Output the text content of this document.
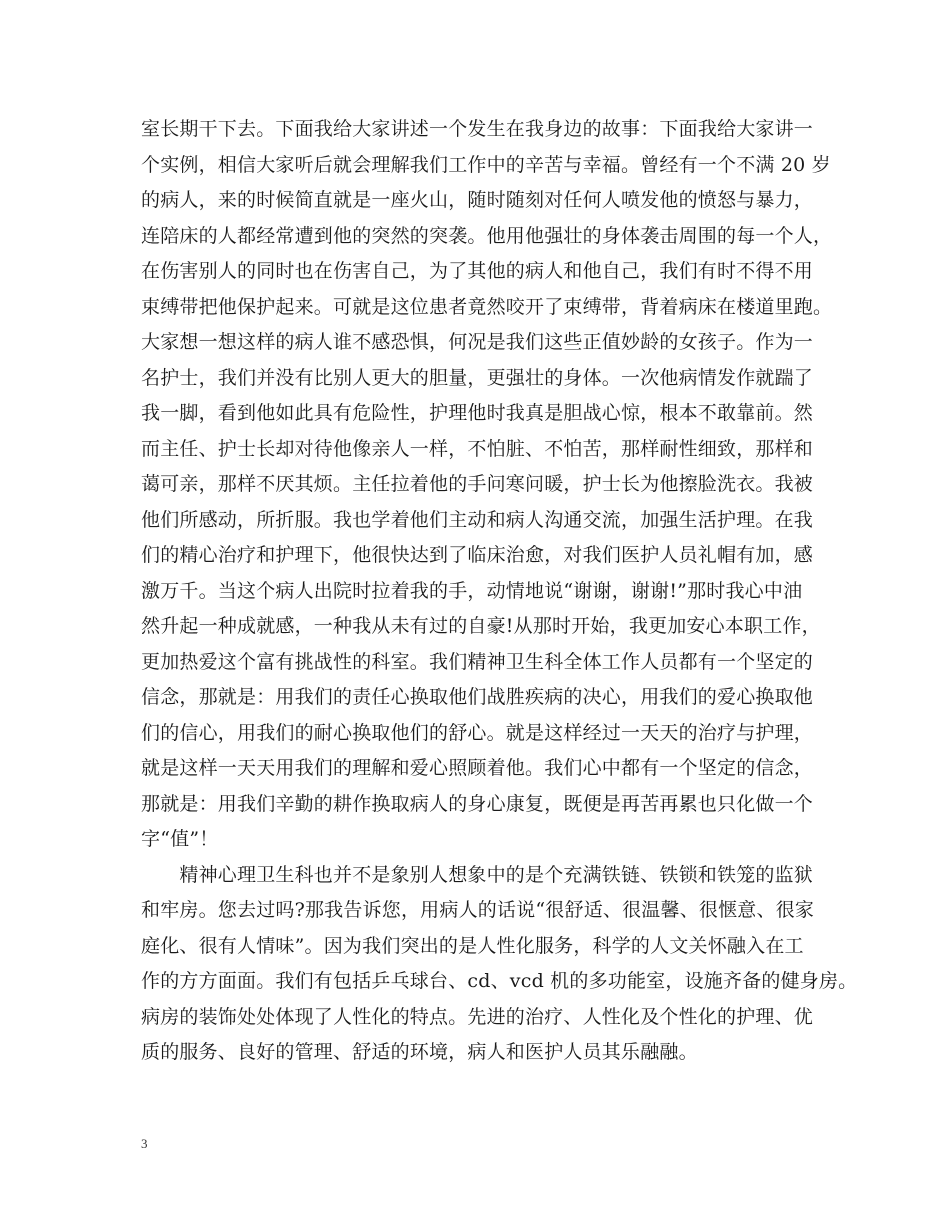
室长期干下去。下面我给大家讲述一个发生在我身边的故事：下面我给大家讲一
个实例，相信大家听后就会理解我们工作中的辛苦与幸福。曾经有一个不满 20 岁
的病人，来的时候简直就是一座火山，随时随刻对任何人喷发他的愤怒与暴力，
连陪床的人都经常遭到他的突然的突袭。他用他强壮的身体袭击周围的每一个人，
在伤害别人的同时也在伤害自己，为了其他的病人和他自己，我们有时不得不用
束缚带把他保护起来。可就是这位患者竟然咬开了束缚带，背着病床在楼道里跑。
大家想一想这样的病人谁不感恐惧，何况是我们这些正值妙龄的女孩子。作为一
名护士，我们并没有比别人更大的胆量，更强壮的身体。一次他病情发作就踹了
我一脚，看到他如此具有危险性，护理他时我真是胆战心惊，根本不敢靠前。然
而主任、护士长却对待他像亲人一样，不怕脏、不怕苦，那样耐性细致，那样和
蔼可亲，那样不厌其烦。主任拉着他的手问寒问暖，护士长为他擦脸洗衣。我被
他们所感动，所折服。我也学着他们主动和病人沟通交流，加强生活护理。在我
们的精心治疗和护理下，他很快达到了临床治愈，对我们医护人员礼帽有加，感
激万千。当这个病人出院时拉着我的手，动情地说“谢谢，谢谢!”那时我心中油
然升起一种成就感，一种我从未有过的自豪!从那时开始，我更加安心本职工作，
更加热爱这个富有挑战性的科室。我们精神卫生科全体工作人员都有一个坚定的
信念，那就是：用我们的责任心换取他们战胜疾病的决心，用我们的爱心换取他
们的信心，用我们的耐心换取他们的舒心。就是这样经过一天天的治疗与护理，
就是这样一天天用我们的理解和爱心照顾着他。我们心中都有一个坚定的信念，
那就是：用我们辛勤的耕作换取病人的身心康复，既便是再苦再累也只化做一个
字“值”！
　　精神心理卫生科也并不是象别人想象中的是个充满铁链、铁锁和铁笼的监狱
和牢房。您去过吗?那我告诉您，用病人的话说“很舒适、很温馨、很惬意、很家
庭化、很有人情味”。因为我们突出的是人性化服务，科学的人文关怀融入在工
作的方方面面。我们有包括乒乓球台、cd、vcd 机的多功能室，设施齐备的健身房。
病房的装饰处处体现了人性化的特点。先进的治疗、人性化及个性化的护理、优
质的服务、良好的管理、舒适的环境，病人和医护人员其乐融融。
3
